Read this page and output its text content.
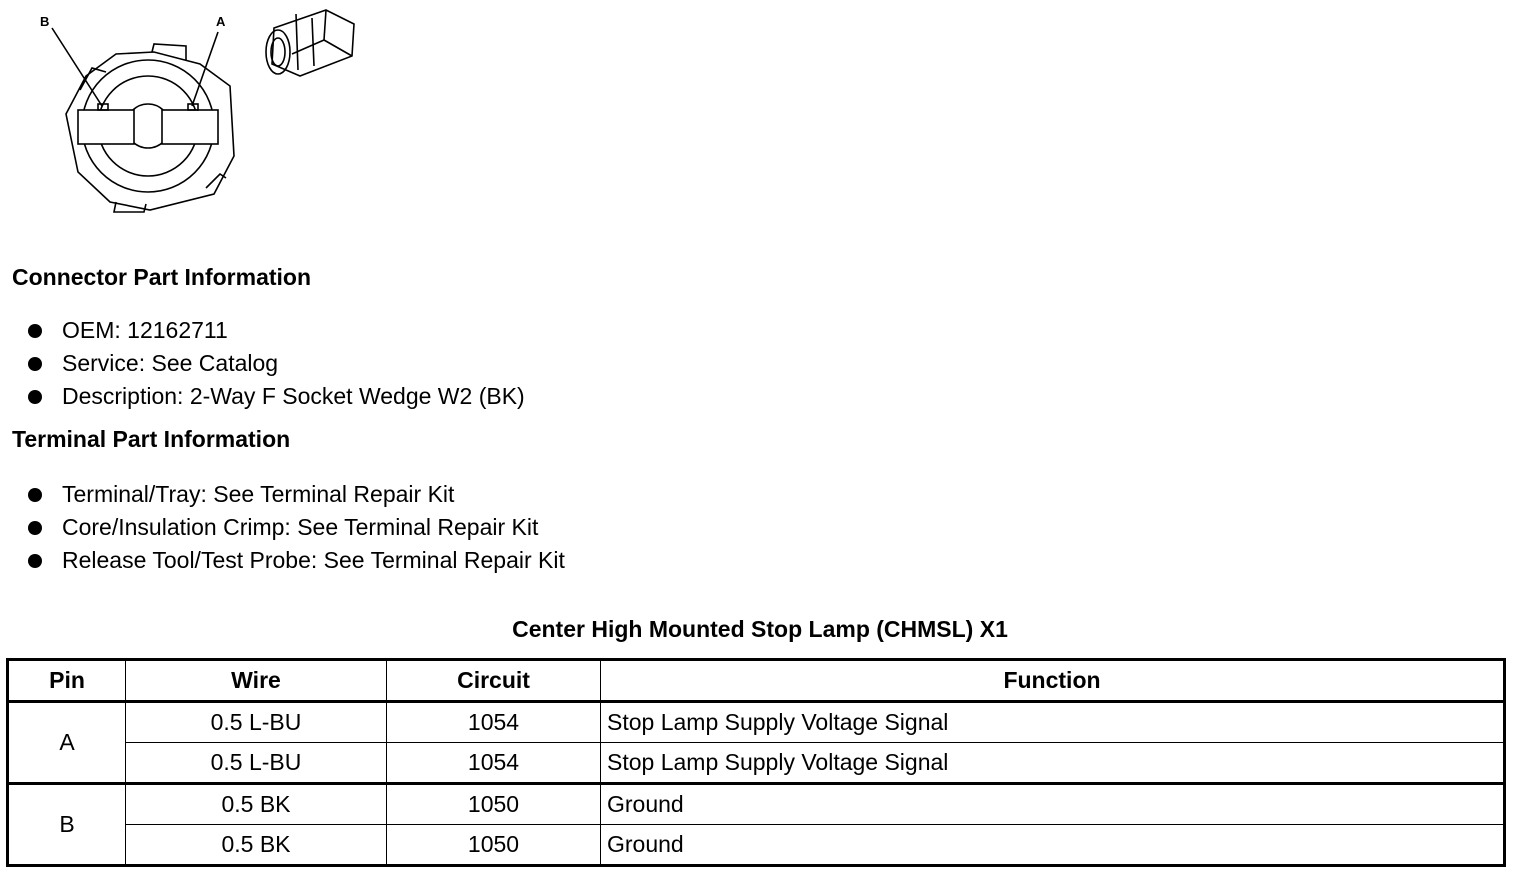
B	A
Connector Part Information
OEM: 12162711
Service: See Catalog
Description: 2-Way F Socket Wedge W2 (BK)
Terminal Part Information
Terminal/Tray: See Terminal Repair Kit
Core/Insulation Crimp: See Terminal Repair Kit
Release Tool/Test Probe: See Terminal Repair Kit
Center High Mounted Stop Lamp (CHMSL) X1
Pin	Wire	Circuit	Function
A	0.5 L-BU	1054	Stop Lamp Supply Voltage Signal
	0.5 L-BU	1054	Stop Lamp Supply Voltage Signal
B	0.5 BK	1050	Ground
	0.5 BK	1050	Ground
